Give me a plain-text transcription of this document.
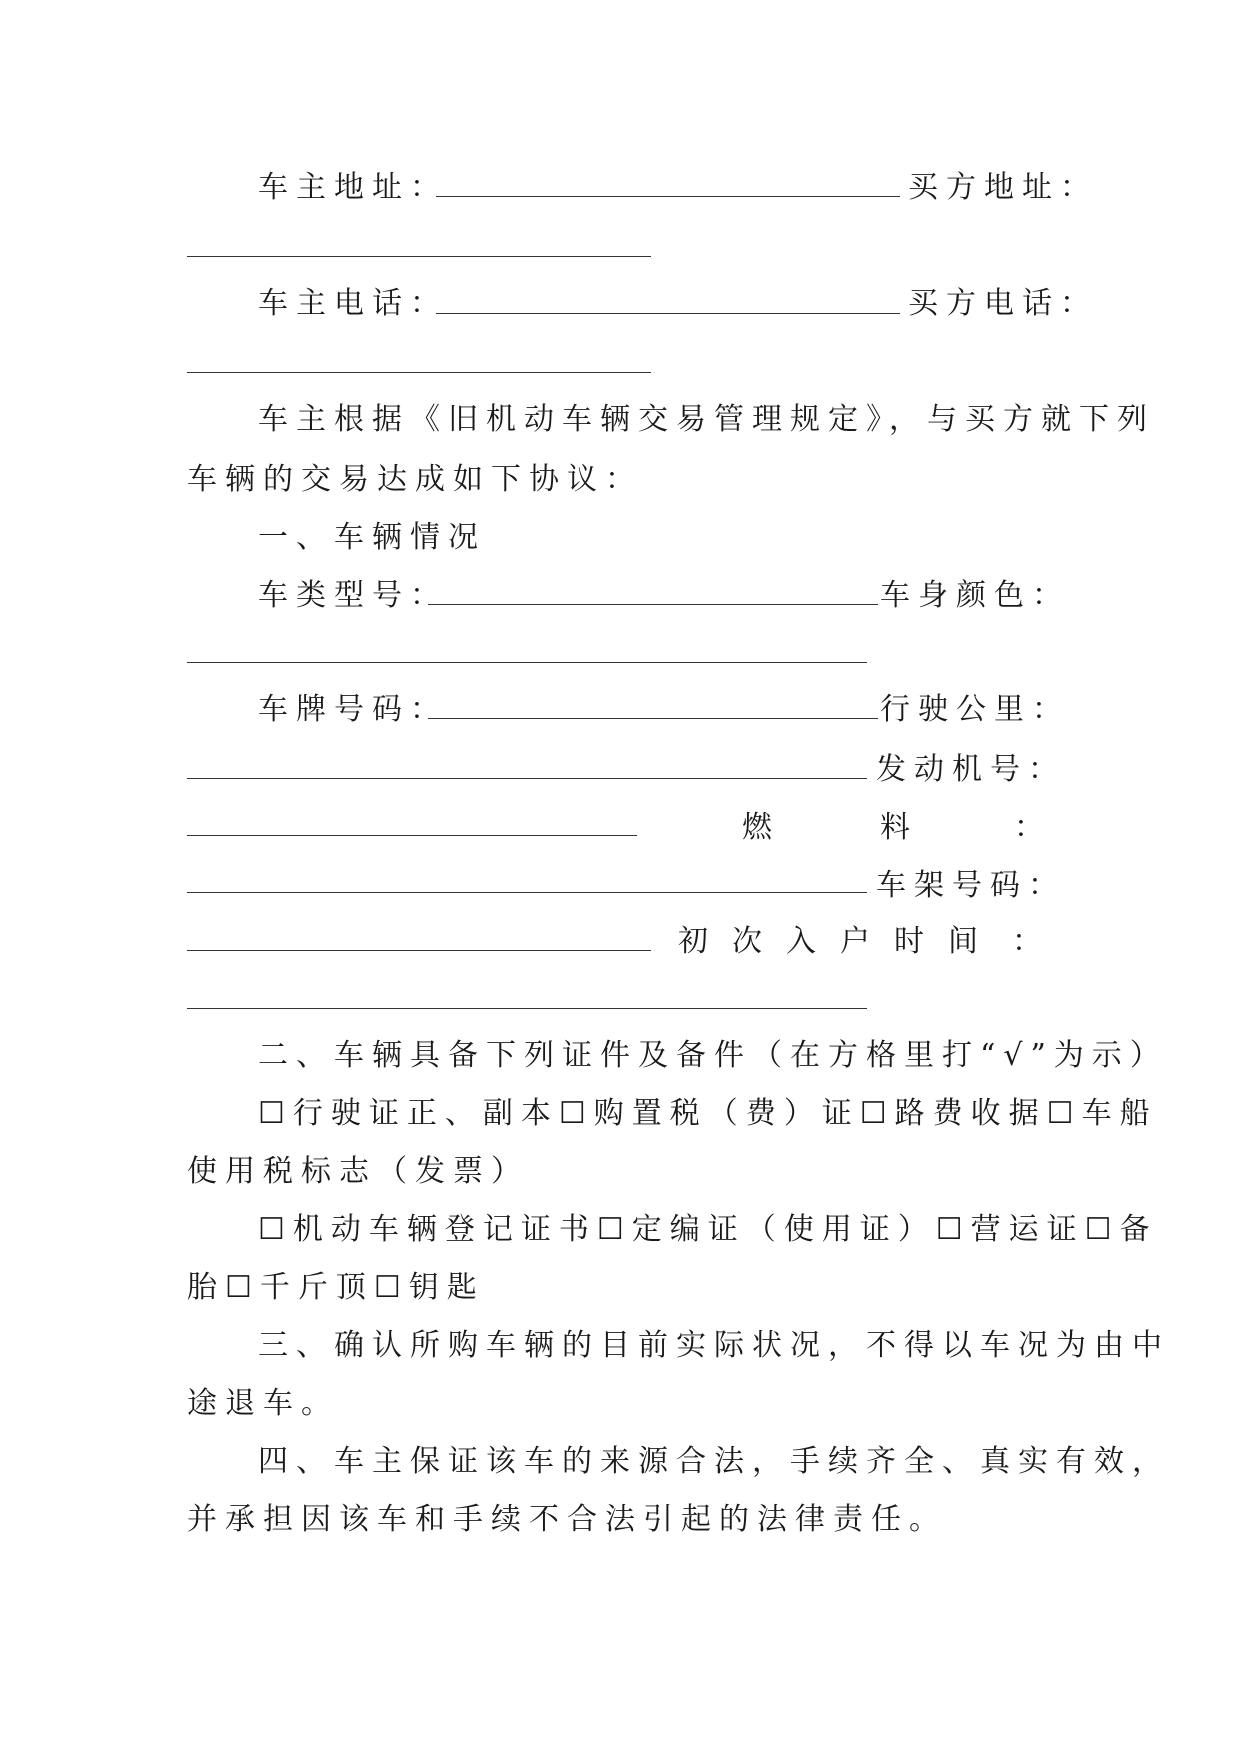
车主地址：	买方地址：
车主电话：	买方电话：
车主根据《旧机动车辆交易管理规定》，与买方就下列
车辆的交易达成如下协议：
一、车辆情况
车类型号：	车身颜色：
车牌号码：	行驶公里：
发动机号：
燃	料	：
车架号码：
初次入户时间 ：
二、车辆具备下列证件及备件（在方格里打“√”为示）
☐行驶证正、副本☐购置税（费）证☐路费收据☐车船
使用税标志（发票）
☐机动车辆登记证书☐定编证（使用证）☐营运证☐备
胎☐千斤顶☐钥匙
三、确认所购车辆的目前实际状况，不得以车况为由中
途退车。
四、车主保证该车的来源合法，手续齐全、真实有效，
并承担因该车和手续不合法引起的法律责任。
